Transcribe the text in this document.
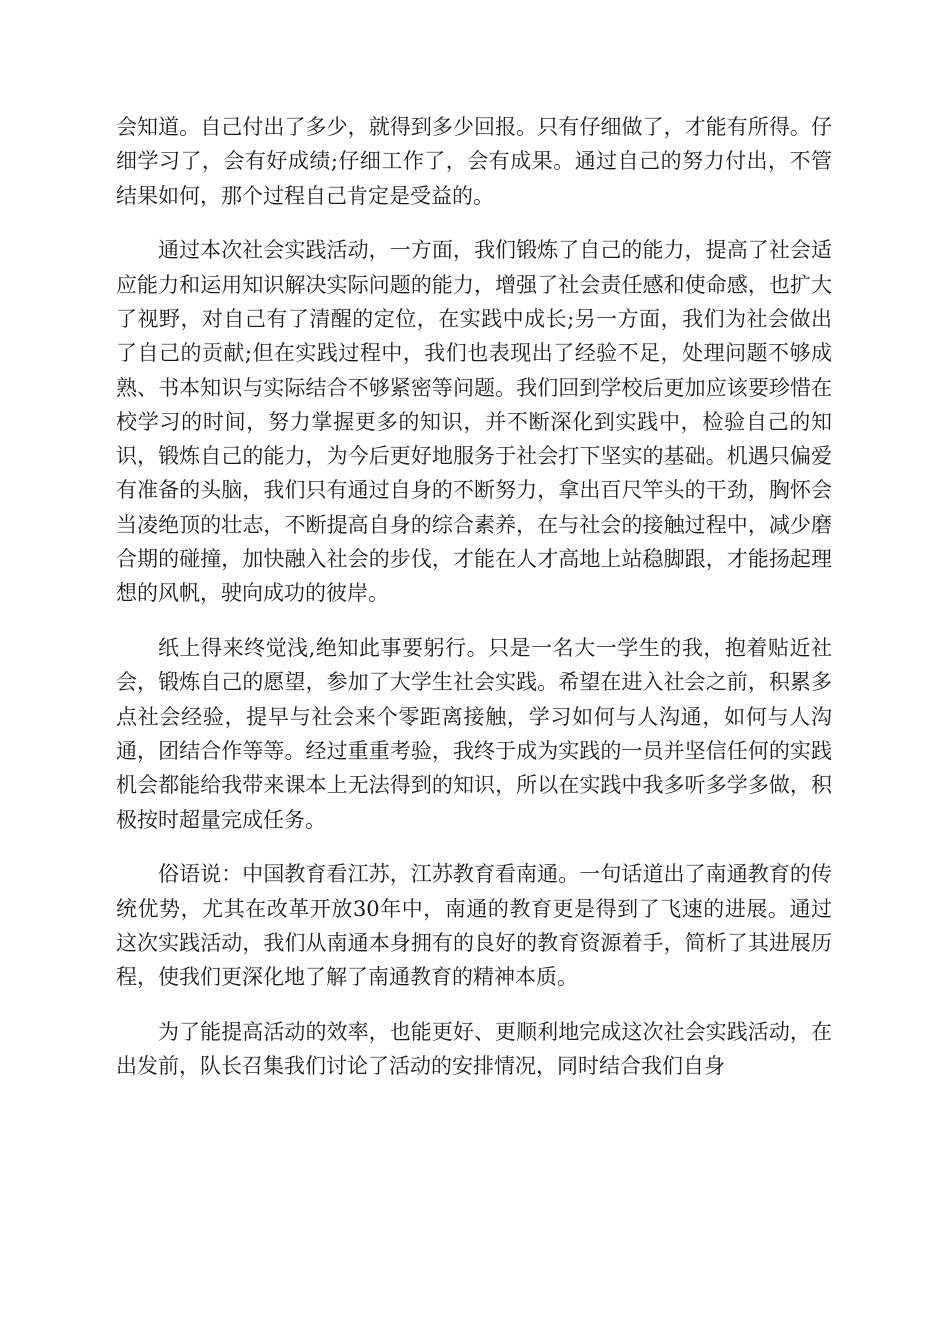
会知道。自己付出了多少，就得到多少回报。只有仔细做了，才能有所得。仔细学习了，会有好成绩;仔细工作了，会有成果。通过自己的努力付出，不管结果如何，那个过程自己肯定是受益的。

通过本次社会实践活动，一方面，我们锻炼了自己的能力，提高了社会适应能力和运用知识解决实际问题的能力，增强了社会责任感和使命感，也扩大了视野，对自己有了清醒的定位，在实践中成长;另一方面，我们为社会做出了自己的贡献;但在实践过程中，我们也表现出了经验不足，处理问题不够成熟、书本知识与实际结合不够紧密等问题。我们回到学校后更加应该要珍惜在校学习的时间，努力掌握更多的知识，并不断深化到实践中，检验自己的知识，锻炼自己的能力，为今后更好地服务于社会打下坚实的基础。机遇只偏爱有准备的头脑，我们只有通过自身的不断努力，拿出百尺竿头的干劲，胸怀会当凌绝顶的壮志，不断提高自身的综合素养，在与社会的接触过程中，减少磨合期的碰撞，加快融入社会的步伐，才能在人才高地上站稳脚跟，才能扬起理想的风帆，驶向成功的彼岸。

纸上得来终觉浅,绝知此事要躬行。只是一名大一学生的我，抱着贴近社会，锻炼自己的愿望，参加了大学生社会实践。希望在进入社会之前，积累多点社会经验，提早与社会来个零距离接触，学习如何与人沟通，如何与人沟通，团结合作等等。经过重重考验，我终于成为实践的一员并坚信任何的实践机会都能给我带来课本上无法得到的知识，所以在实践中我多听多学多做，积极按时超量完成任务。

俗语说：中国教育看江苏，江苏教育看南通。一句话道出了南通教育的传统优势，尤其在改革开放30年中，南通的教育更是得到了飞速的进展。通过这次实践活动，我们从南通本身拥有的良好的教育资源着手，简析了其进展历程，使我们更深化地了解了南通教育的精神本质。

为了能提高活动的效率，也能更好、更顺利地完成这次社会实践活动，在出发前，队长召集我们讨论了活动的安排情况，同时结合我们自身
